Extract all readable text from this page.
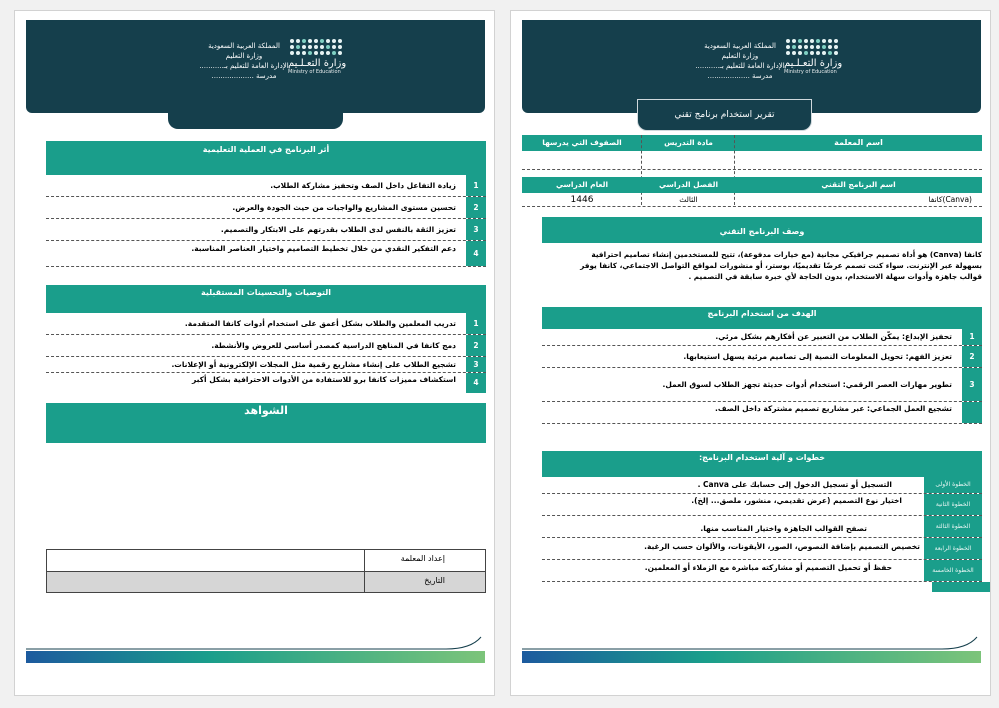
المملكة العربية السعودية
وزارة التعليم
الإدارة العامة للتعليم بـ...........
مدرسة ...................
وزارة التعـلـيم
Ministry of Education
أثر البرنامج في العملية التعليمية
1
زيادة التفاعل داخل الصف وتحفيز مشاركة الطلاب.
2
تحسين مستوى المشاريع والواجبات من حيث الجودة والعرض.
3
تعزيز الثقة بالنفس لدى الطلاب بقدرتهم على الابتكار والتصميم.
4
دعم التفكير النقدي من خلال تخطيط التصاميم واختيار العناصر المناسبة.
التوصيات والتحسينات المستقبلية
1
تدريب المعلمين والطلاب بشكل أعمق على استخدام أدوات كانفا المتقدمة.
2
دمج كانفا في المناهج الدراسية كمصدر أساسي للعروض والأنشطة.
3
تشجيع الطلاب على إنشاء مشاريع رقمية مثل المجلات الإلكترونية أو الإعلانات.
4
استكشاف مميزات كانفا برو للاستفادة من الأدوات الاحترافية بشكل أكبر
الشواهد
إعداد المعلمة
التاريخ
المملكة العربية السعودية
وزارة التعليم
الإدارة العامة للتعليم بـ...........
مدرسة ...................
وزارة التعـلـيم
Ministry of Education
تقرير استخدام برنامج تقني
اسم المعلمة
مادة التدريس
الصفوف التي يدرسها
اسم البرنامج التقني
الفصل الدراسي
العام الدراسي
كانفا(Canva)
الثالث
1446
وصف البرنامج التقني
كانفا (Canva) هو أداة تصميم جرافيكي مجانية (مع خيارات مدفوعة)، تتيح للمستخدمين إنشاء تصاميم احترافية
بسهولة عبر الإنترنت. سواء كنت تصمم عرضًا تقديميًا، بوستر، أو منشورات لمواقع التواصل الاجتماعي، كانفا يوفر
قوالب جاهزة وأدوات سهلة الاستخدام، بدون الحاجة لأي خبرة سابقة في التصميم .
الهدف من استخدام البرنامج
1
تحفيز الإبداع: يمكّن الطلاب من التعبير عن أفكارهم بشكل مرئي.
2
تعزيز الفهم: تحويل المعلومات النصية إلى تصاميم مرئية يسهل استيعابها.
3
تطوير مهارات العصر الرقمي: استخدام أدوات حديثة تجهز الطلاب لسوق العمل.
تشجيع العمل الجماعي: عبر مشاريع تصميم مشتركة داخل الصف.
خطوات و آلية استخدام البرنامج:
الخطوة الأولى
التسجيل أو تسجيل الدخول إلى حسابك على Canva .
الخطوة الثانية
اختيار نوع التصميم (عرض تقديمي، منشور، ملصق... إلخ).
الخطوة الثالثة
تصفح القوالب الجاهزة واختيار المناسب منها.
الخطوة الرابعة
تخصيص التصميم بإضافة النصوص، الصور، الأيقونات، والألوان حسب الرغبة.
الخطوة الخامسة
حفظ أو تحميل التصميم أو مشاركته مباشرة مع الزملاء أو المعلمين.
